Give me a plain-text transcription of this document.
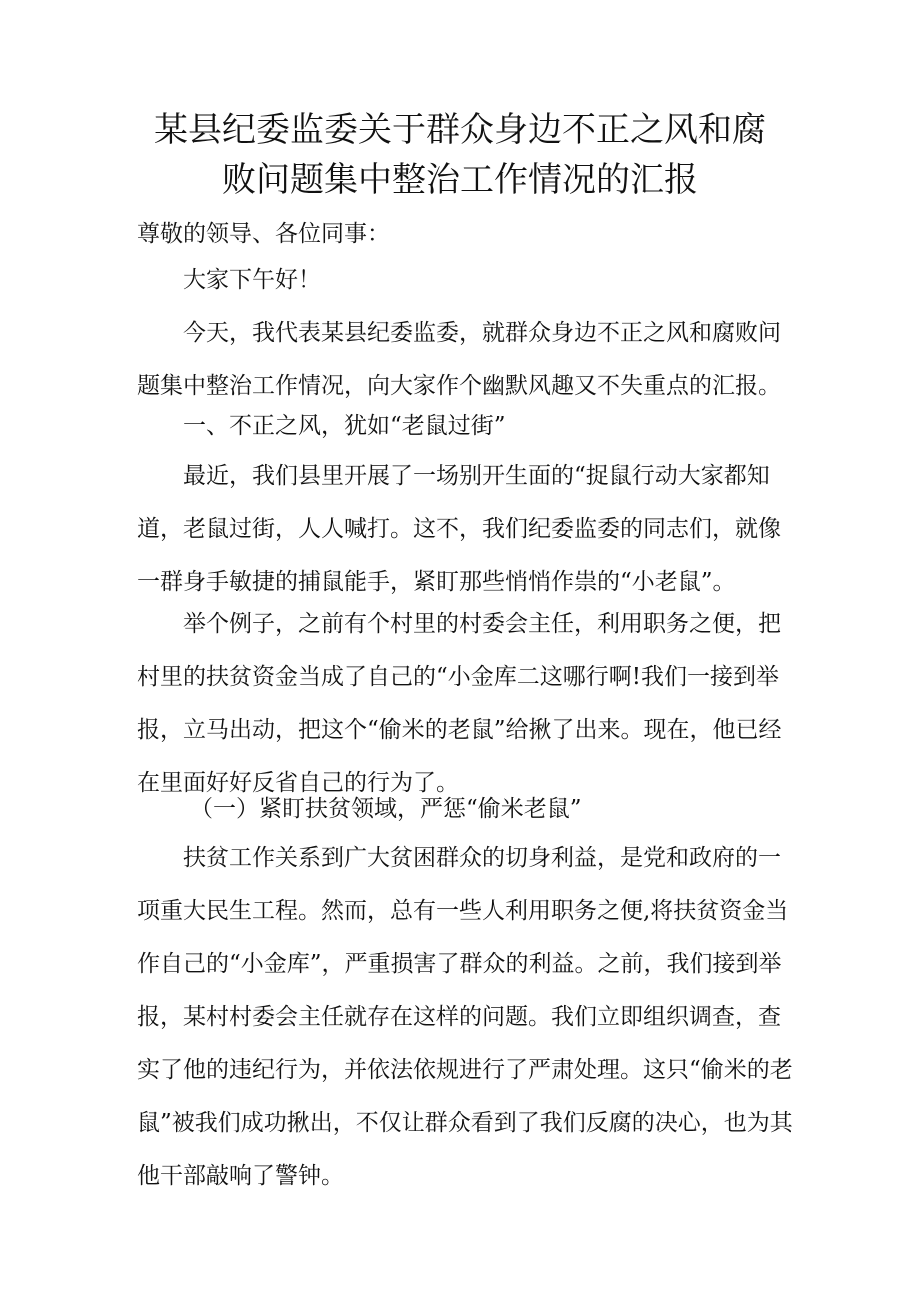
某县纪委监委关于群众身边不正之风和腐
败问题集中整治工作情况的汇报

尊敬的领导、各位同事：

大家下午好！

今天，我代表某县纪委监委，就群众身边不正之风和腐败问题集中整治工作情况，向大家作个幽默风趣又不失重点的汇报。

一、不正之风，犹如“老鼠过街”

最近，我们县里开展了一场别开生面的“捉鼠行动大家都知道，老鼠过街，人人喊打。这不，我们纪委监委的同志们，就像一群身手敏捷的捕鼠能手，紧盯那些悄悄作祟的“小老鼠”。

举个例子，之前有个村里的村委会主任，利用职务之便，把村里的扶贫资金当成了自己的“小金库二这哪行啊!我们一接到举报，立马出动，把这个“偷米的老鼠”给揪了出来。现在，他已经在里面好好反省自己的行为了。

（一）紧盯扶贫领域，严惩“偷米老鼠”

扶贫工作关系到广大贫困群众的切身利益，是党和政府的一项重大民生工程。然而，总有一些人利用职务之便,将扶贫资金当作自己的“小金库”，严重损害了群众的利益。之前，我们接到举报，某村村委会主任就存在这样的问题。我们立即组织调查，查实了他的违纪行为，并依法依规进行了严肃处理。这只“偷米的老鼠”被我们成功揪出，不仅让群众看到了我们反腐的决心，也为其他干部敲响了警钟。
